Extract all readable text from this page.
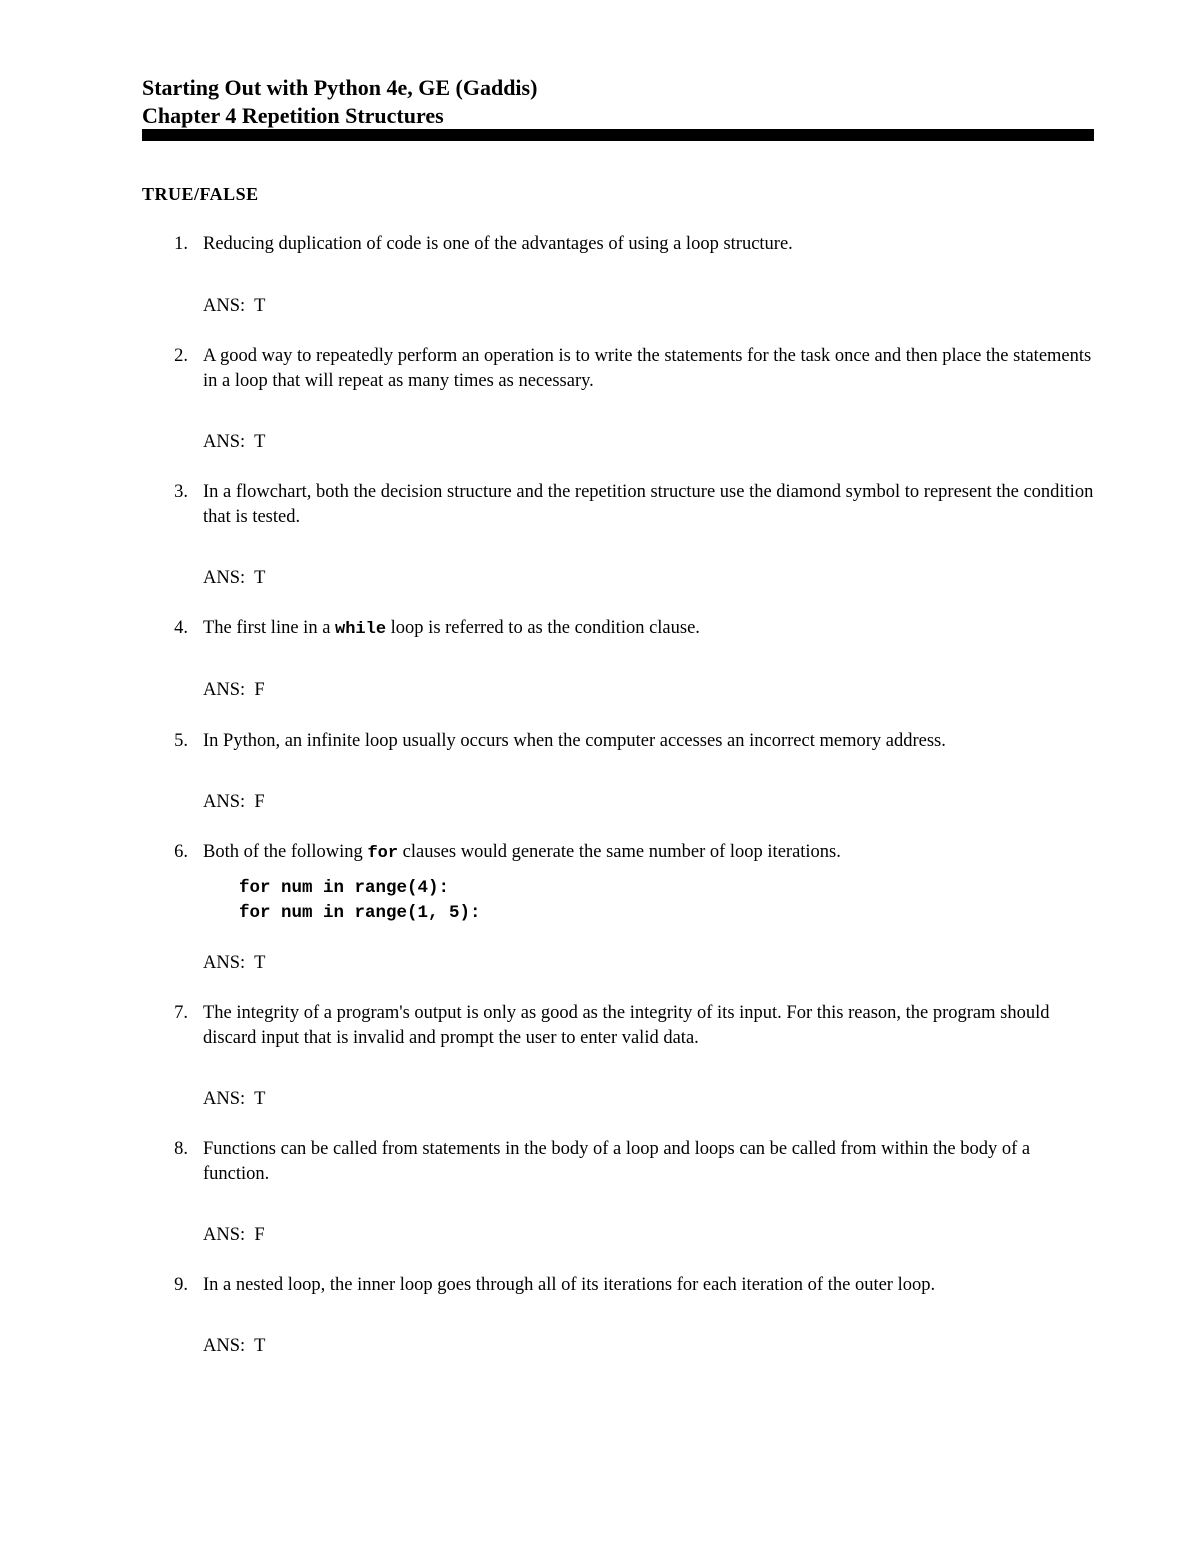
Starting Out with Python 4e, GE (Gaddis)
Chapter 4 Repetition Structures
TRUE/FALSE
1. Reducing duplication of code is one of the advantages of using a loop structure.
ANS:  T
2. A good way to repeatedly perform an operation is to write the statements for the task once and then place the statements in a loop that will repeat as many times as necessary.
ANS:  T
3. In a flowchart, both the decision structure and the repetition structure use the diamond symbol to represent the condition that is tested.
ANS:  T
4. The first line in a while loop is referred to as the condition clause.
ANS:  F
5. In Python, an infinite loop usually occurs when the computer accesses an incorrect memory address.
ANS:  F
6. Both of the following for clauses would generate the same number of loop iterations.
for num in range(4):
for num in range(1, 5):
ANS:  T
7. The integrity of a program's output is only as good as the integrity of its input. For this reason, the program should discard input that is invalid and prompt the user to enter valid data.
ANS:  T
8. Functions can be called from statements in the body of a loop and loops can be called from within the body of a function.
ANS:  F
9. In a nested loop, the inner loop goes through all of its iterations for each iteration of the outer loop.
ANS:  T
